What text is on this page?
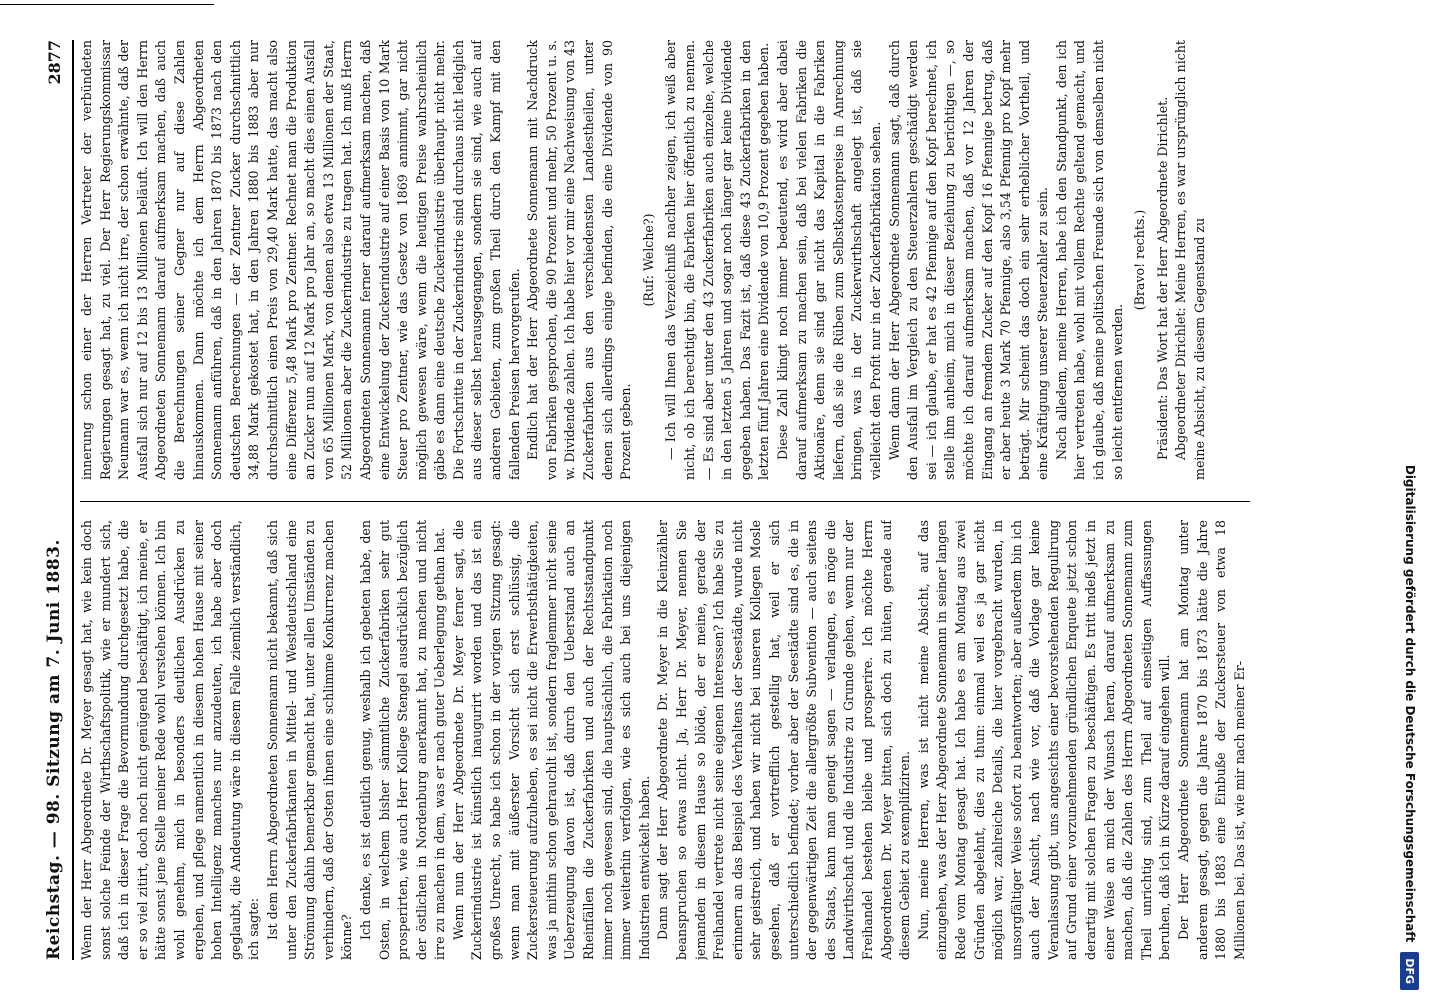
Reichstag. — 98. Sitzung am 7. Juni 1883.
2877

Wenn der Herr Abgeordnete Dr. Meyer gesagt hat, wie kein doch sonst solche Feinde der Wirthschaftspolitik, wie er mundert sich, daß ich in dieser Frage die Bevormundung durchgesetzt habe, die er so viel zitirt, doch noch nicht genügend beschäftigt, ich meine, er hätte sonst jene Stelle meiner Rede wohl verstehen können. Ich bin wohl genehm, mich in besonders deutlichen Ausdrücken zu ergehen, und pflege namentlich in diesem hohen Hause mit seiner hohen Intelligenz manches nur anzudeuten, ich habe aber doch geglaubt, die Andeutung wäre in diesem Falle ziemlich verständlich, ich sagte: Ist dem Herrn Abgeordneten Sonnemann nicht bekannt, daß sich unter den Zuckerfabrikanten in Mittel- und Westdeutschland eine Strömung dahin bemerkbar gemacht hat, unter allen Umständen zu verhindern, daß der Osten ihnen eine schlimme Konkurrenz machen könne? Ich denke, es ist deutlich genug, weshalb ich gebeten habe, den Osten, in welchem bisher sämmtliche Zuckerfabriken sehr gut prosperirten, wie auch Herr Kollege Stengel ausdrücklich bezüglich der östlichen in Nordenburg anerkannt hat, zu machen und nicht irre zu machen in dem, was er nach guter Ueberlegung gethan hat. Wenn nun der Herr Abgeordnete Dr. Meyer ferner sagt, die Zuckerindustrie ist künstlich inaugurirt worden und das ist ein großes Unrecht, so habe ich schon in der vorigen Sitzung gesagt: wenn man mit äußerster Vorsicht sich erst schlüssig, die Zuckersteuerung aufzuheben, es sei nicht die Erwerbsthätigkeiten, was ja mithin schon gehrauchlt ist, sondern fraglemmer nicht seine Ueberzeugung davon ist, daß durch den Ueberstand auch an Rheinfällen die Zuckerfabriken und auch der Rechtsstandpunkt immer noch gewesen sind, die hauptsächlich, die Fabrikation noch immer weiterhin verfolgen, wie es sich auch bei uns diejenigen Industrien entwickelt haben. Dann sagt der Herr Abgeordnete Dr. Meyer in die Kleinzähler beanspruchen so etwas nicht. Ja, Herr Dr. Meyer, nennen Sie jemanden in diesem Hause so blöde, der er meine, gerade der Freihandel vertrete nicht seine eigenen Interessen? Ich habe Sie zu erinnern an das Beispiel des Verhaltens der Seestädte, wurde nicht sehr geistreich, und haben wir nicht bei unseren Kollegen Mosle gesehen, daß er vortrefflich gestellig hat, weil er sich unterschiedlich befindet; vorher aber der Seestädte sind es, die in der gegenwärtigen Zeit die allergrößte Subvention — auch seitens des Staats, kann man geneigt sagen — verlangen, es möge die Landwirthschaft und die Industrie zu Grunde gehen, wenn nur der Freihandel bestehen bleibe und prosperire. Ich möchte Herrn Abgeordneten Dr. Meyer bitten, sich doch zu hüten, gerade auf diesem Gebiet zu exemplifiziren. Nun, meine Herren, was ist nicht meine Absicht, auf das einzugehen, was der Herr Abgeordnete Sonnemann in seiner langen Rede vom Montag gesagt hat. Ich habe es am Montag aus zwei Gründen abgelehnt, dies zu thun: einmal weil es ja gar nicht möglich war, zahlreiche Details, die hier vorgebracht wurden, in unsorgfältiger Weise sofort zu beantworten; aber außerdem bin ich auch der Ansicht, nach wie vor, daß die Vorlage gar keine Veranlassung gibt, uns angesichts einer bevorstehenden Regulirung auf Grund einer vorzunehmenden gründlichen Enquete jetzt schon derartig mit solchen Fragen zu beschäftigen. Es tritt indeß jetzt in einer Weise an mich der Wunsch heran, darauf aufmerksam zu machen, daß die Zahlen des Herrn Abgeordneten Sonnemann zum Theil unrichtig sind, zum Theil auf einseitigen Auffassungen beruhen, daß ich in Kürze darauf eingehen will. Der Herr Abgeordnete Sonnemann hat am Montag unter anderem gesagt, gegen die Jahre 1870 bis 1873 hätte die Jahre 1880 bis 1883 eine Einbuße der Zuckersteuer von etwa 18 Millionen bei. Das ist, wie mir nach meiner Er-

innerung schon einer der Herren Vertreter der verbündeten Regierungen gesagt hat, zu viel. Der Herr Regierungskommissar Neumann war es, wenn ich nicht irre, der schon erwähnte, daß der Ausfall sich nur auf 12 bis 13 Millionen beläuft. Ich will den Herrn Abgeordneten Sonnemann darauf aufmerksam machen, daß auch die Berechnungen seiner Gegner nur auf diese Zahlen hinauskommen. Dann möchte ich dem Herrn Abgeordneten Sonnemann anführen, daß in den Jahren 1870 bis 1873 nach den deutschen Berechnungen — der Zentner Zucker durchschnittlich 34,88 Mark gekostet hat, in den Jahren 1880 bis 1883 aber nur durchschnittlich einen Preis von 29,40 Mark hatte, das macht also eine Differenz 5,48 Mark pro Zentner. Rechnet man die Produktion an Zucker nun auf 12 Mark pro Jahr an, so macht dies einen Ausfall von 65 Millionen Mark, von denen also etwa 13 Millionen der Staat, 52 Millionen aber die Zuckerindustrie zu tragen hat. Ich muß Herrn Abgeordneten Sonnemann ferner darauf aufmerksam machen, daß eine Entwickelung der Zuckerindustrie auf einer Basis von 10 Mark Steuer pro Zentner, wie das Gesetz von 1869 annimmt, gar nicht möglich gewesen wäre, wenn die heutigen Preise wahrscheinlich gäbe es dann eine deutsche Zuckerindustrie überhaupt nicht mehr. Die Fortschritte in der Zuckerindustrie sind durchaus nicht lediglich aus dieser selbst herausgegangen, sondern sie sind, wie auch auf anderen Gebieten, zum großen Theil durch den Kampf mit den fallenden Preisen hervorgerufen. Endlich hat der Herr Abgeordnete Sonnemann mit Nachdruck von Fabriken gesprochen, die 90 Prozent und mehr, 50 Prozent u. s. w. Dividende zahlen. Ich habe hier vor mir eine Nachweisung von 43 Zuckerfabriken aus den verschiedensten Landestheilen, unter denen sich allerdings einige befinden, die eine Dividende von 90 Prozent geben.

(Ruf: Welche?) — Ich will Ihnen das Verzeichniß nachher zeigen, ich weiß aber nicht, ob ich berechtigt bin, die Fabriken hier öffentlich zu nennen. — Es sind aber unter den 43 Zuckerfabriken auch einzelne, welche in den letzten 5 Jahren und sogar noch länger gar keine Dividende gegeben haben. Das Fazit ist, daß diese 43 Zuckerfabriken in den letzten fünf Jahren eine Dividende von 10,9 Prozent gegeben haben. Diese Zahl klingt noch immer bedeutend, es wird aber dabei darauf aufmerksam zu machen sein, daß bei vielen Fabriken die Aktionäre, denn sie sind gar nicht das Kapital in die Fabriken liefern, daß sie die Rüben zum Selbstkostenpreise in Anrechnung bringen, was in der Zuckerwirthschaft angelegt ist, daß sie vielleicht den Profit nur in der Zuckerfabrikation sehen. Wenn dann der Herr Abgeordnete Sonnemann sagt, daß durch den Ausfall im Vergleich zu den Steuerzahlern geschädigt werden sei — ich glaube, er hat es 42 Pfennige auf den Kopf berechnet, ich stelle ihm anheim, mich in dieser Beziehung zu berichtigen —, so möchte ich darauf aufmerksam machen, daß vor 12 Jahren der Eingang an fremdem Zucker auf den Kopf 16 Pfennige betrug, daß er aber heute 3 Mark 70 Pfennige, also 3,54 Pfennig pro Kopf mehr beträgt. Mir scheint das doch ein sehr erheblicher Vortheil, und eine Kräftigung unserer Steuerzahler zu sein. Nach alledem, meine Herren, habe ich den Standpunkt, den ich hier vertreten habe, wohl mit vollem Rechte geltend gemacht, und ich glaube, daß meine politischen Freunde sich von demselben nicht so leicht entfernen werden.

(Bravo! rechts.) Präsident: Das Wort hat der Herr Abgeordnete Dirichlet. Abgeordneter Dirichlet: Meine Herren, es war ursprünglich nicht meine Absicht, zu diesem Gegenstand zu

Digitalisierung gefördert durch die Deutsche Forschungsgemeinschaft
DFG
